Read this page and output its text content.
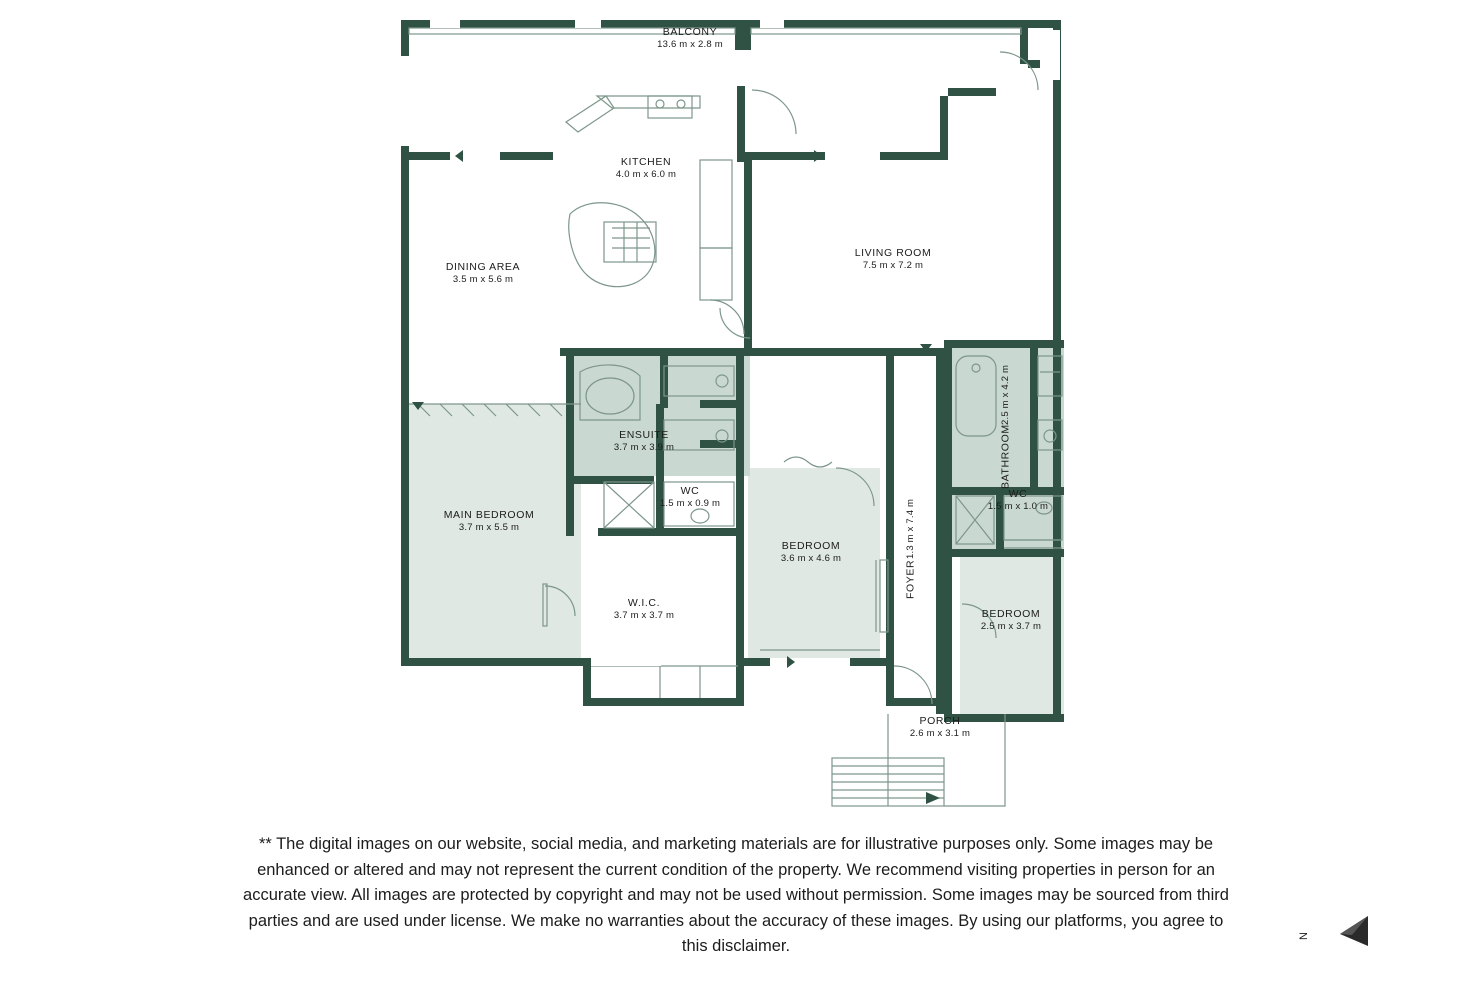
BALCONY
13.6 m x 2.8 m
KITCHEN
4.0 m x 6.0 m
DINING AREA
3.5 m x 5.6 m
LIVING ROOM
7.5 m x 7.2 m
ENSUITE
3.7 m x 3.9 m
MAIN BEDROOM
3.7 m x 5.5 m
WC
1.5 m x 0.9 m
W.I.C.
3.7 m x 3.7 m
BEDROOM
3.6 m x 4.6 m
FOYER
1.3 m x 7.4 m
BATHROOM
2.5 m x 4.2 m
WC
1.5 m x 1.0 m
BEDROOM
2.5 m x 3.7 m
PORCH
2.6 m x 3.1 m
** The digital images on our website, social media, and marketing materials are for illustrative purposes only. Some images may be enhanced or altered and may not represent the current condition of the property. We recommend visiting properties in person for an accurate view. All images are protected by copyright and may not be used without permission. Some images may be sourced from third parties and are used under license. We make no warranties about the accuracy of these images. By using our platforms, you agree to this disclaimer.
N
